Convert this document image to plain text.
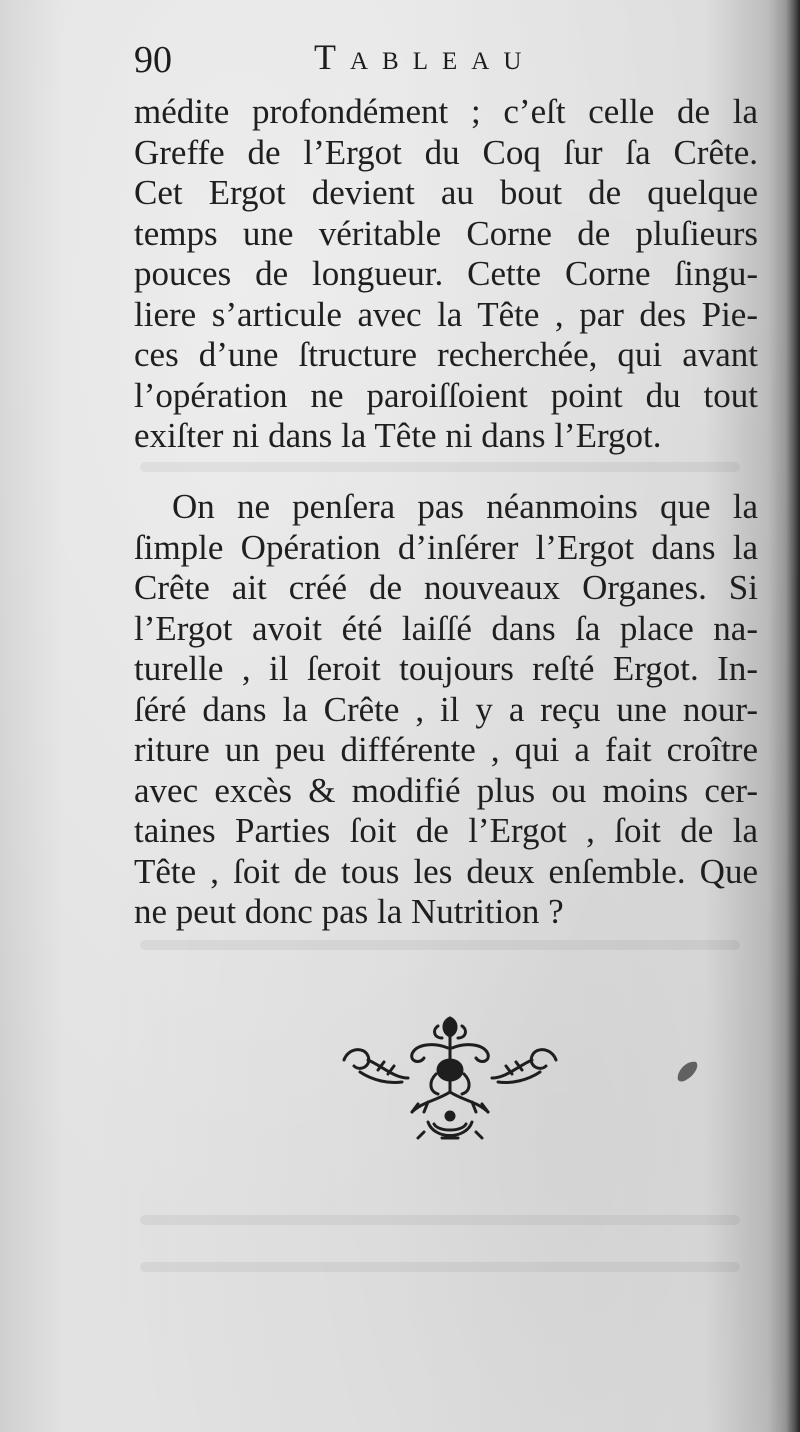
90	Tableau
médite profondément ; c’eſt celle de la
Greffe de l’Ergot du Coq ſur ſa Crête.
Cet Ergot devient au bout de quelque
temps une véritable Corne de pluſieurs
pouces de longueur. Cette Corne ſingu-
liere s’articule avec la Tête , par des Pie-
ces d’une ſtructure recherchée, qui avant
l’opération ne paroiſſoient point du tout
exiſter ni dans la Tête ni dans l’Ergot.
On ne penſera pas néanmoins que la
ſimple Opération d’inſérer l’Ergot dans la
Crête ait créé de nouveaux Organes. Si
l’Ergot avoit été laiſſé dans ſa place na-
turelle , il ſeroit toujours reſté Ergot. In-
ſéré dans la Crête , il y a reçu une nour-
riture un peu différente , qui a fait croître
avec excès & modifié plus ou moins cer-
taines Parties ſoit de l’Ergot , ſoit de la
Tête , ſoit de tous les deux enſemble. Que
ne peut donc pas la Nutrition ?
